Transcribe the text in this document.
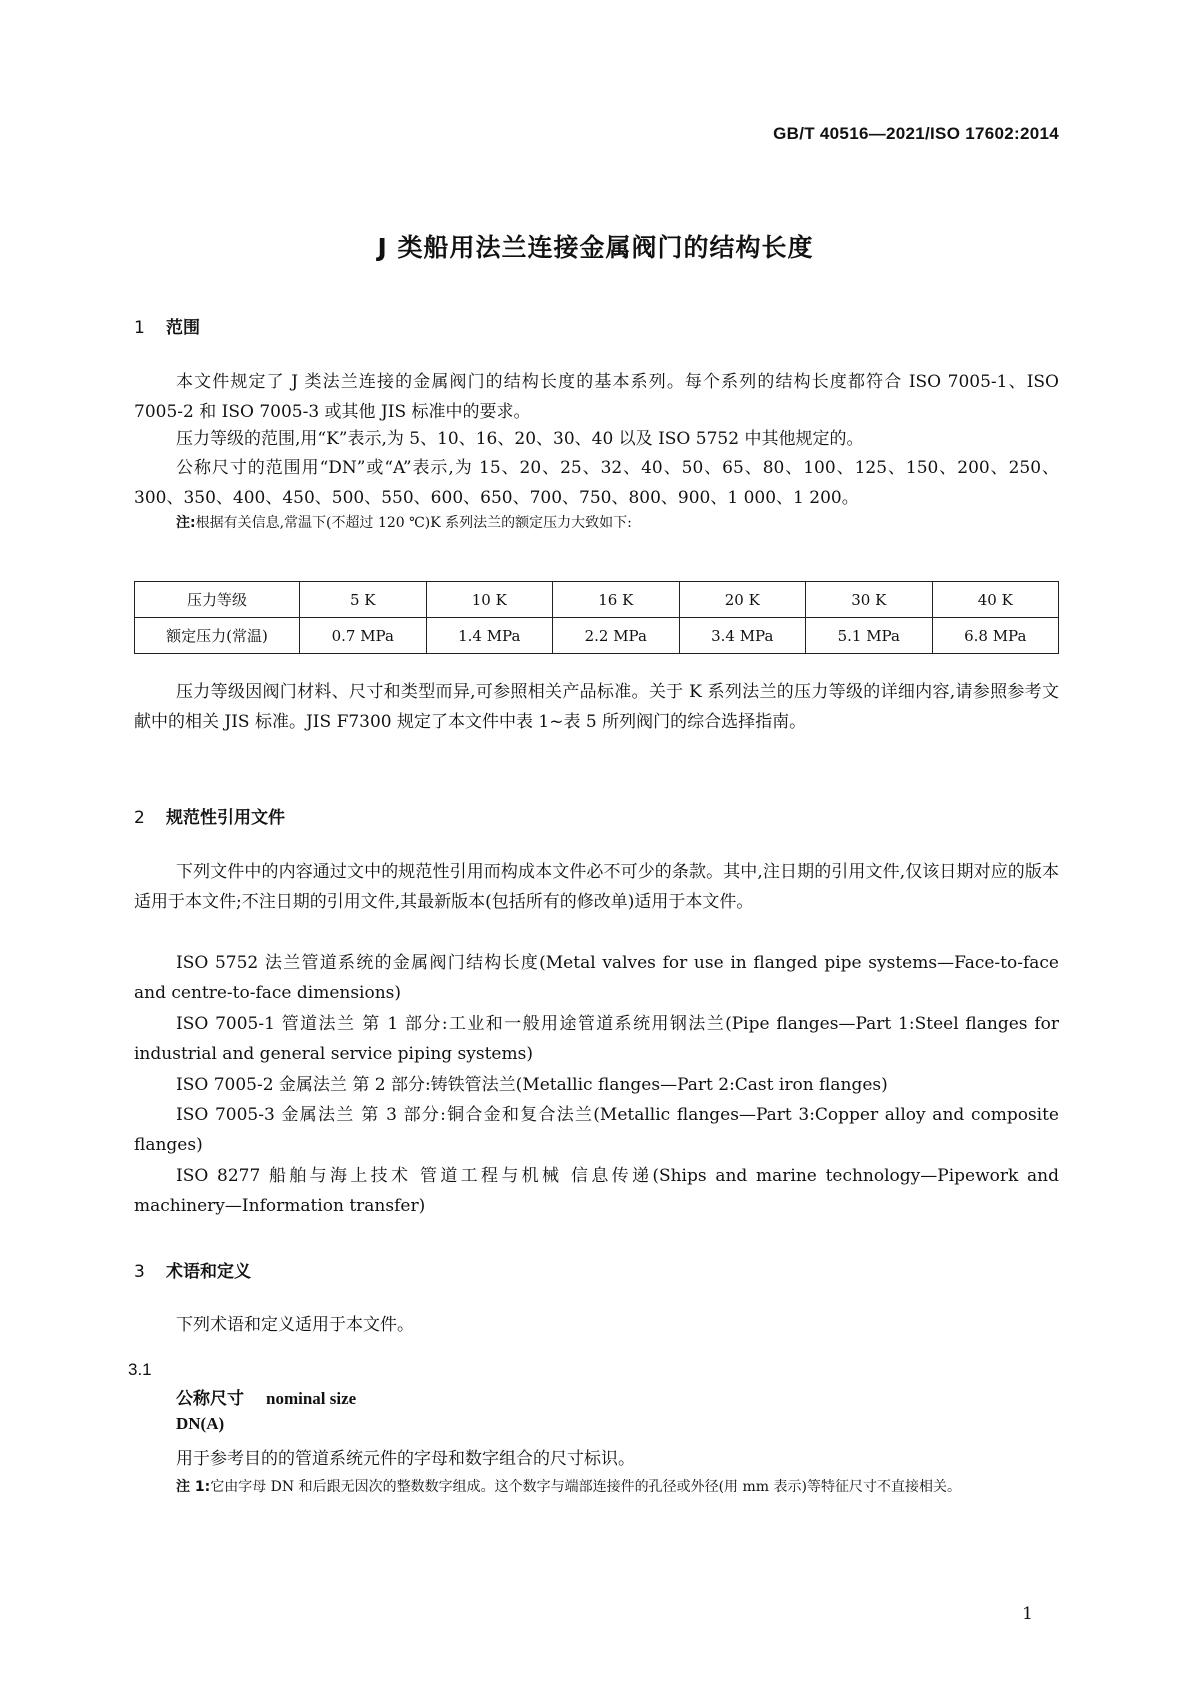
GB/T 40516—2021/ISO 17602:2014
J 类船用法兰连接金属阀门的结构长度
1 范围
本文件规定了 J 类法兰连接的金属阀门的结构长度的基本系列。每个系列的结构长度都符合 ISO 7005-1、ISO 7005-2 和 ISO 7005-3 或其他 JIS 标准中的要求。
压力等级的范围,用“K”表示,为 5、10、16、20、30、40 以及 ISO 5752 中其他规定的。
公称尺寸的范围用“DN”或“A”表示,为 15、20、25、32、40、50、65、80、100、125、150、200、250、300、350、400、450、500、550、600、650、700、750、800、900、1 000、1 200。
注:根据有关信息,常温下(不超过 120 ℃)K 系列法兰的额定压力大致如下:
压力等级	5 K	10 K	16 K	20 K	30 K	40 K
额定压力(常温)	0.7 MPa	1.4 MPa	2.2 MPa	3.4 MPa	5.1 MPa	6.8 MPa
压力等级因阀门材料、尺寸和类型而异,可参照相关产品标准。关于 K 系列法兰的压力等级的详细内容,请参照参考文献中的相关 JIS 标准。JIS F7300 规定了本文件中表 1~表 5 所列阀门的综合选择指南。
2 规范性引用文件
下列文件中的内容通过文中的规范性引用而构成本文件必不可少的条款。其中,注日期的引用文件,仅该日期对应的版本适用于本文件;不注日期的引用文件,其最新版本(包括所有的修改单)适用于本文件。
ISO 5752 法兰管道系统的金属阀门结构长度(Metal valves for use in flanged pipe systems—Face-to-face and centre-to-face dimensions)
ISO 7005-1 管道法兰 第 1 部分:工业和一般用途管道系统用钢法兰(Pipe flanges—Part 1:Steel flanges for industrial and general service piping systems)
ISO 7005-2 金属法兰 第 2 部分:铸铁管法兰(Metallic flanges—Part 2:Cast iron flanges)
ISO 7005-3 金属法兰 第 3 部分:铜合金和复合法兰(Metallic flanges—Part 3:Copper alloy and composite flanges)
ISO 8277 船舶与海上技术 管道工程与机械 信息传递(Ships and marine technology—Pipework and machinery—Information transfer)
3 术语和定义
下列术语和定义适用于本文件。
3.1
公称尺寸 nominal size
DN(A)
用于参考目的的管道系统元件的字母和数字组合的尺寸标识。
注 1:它由字母 DN 和后跟无因次的整数数字组成。这个数字与端部连接件的孔径或外径(用 mm 表示)等特征尺寸不直接相关。
1
